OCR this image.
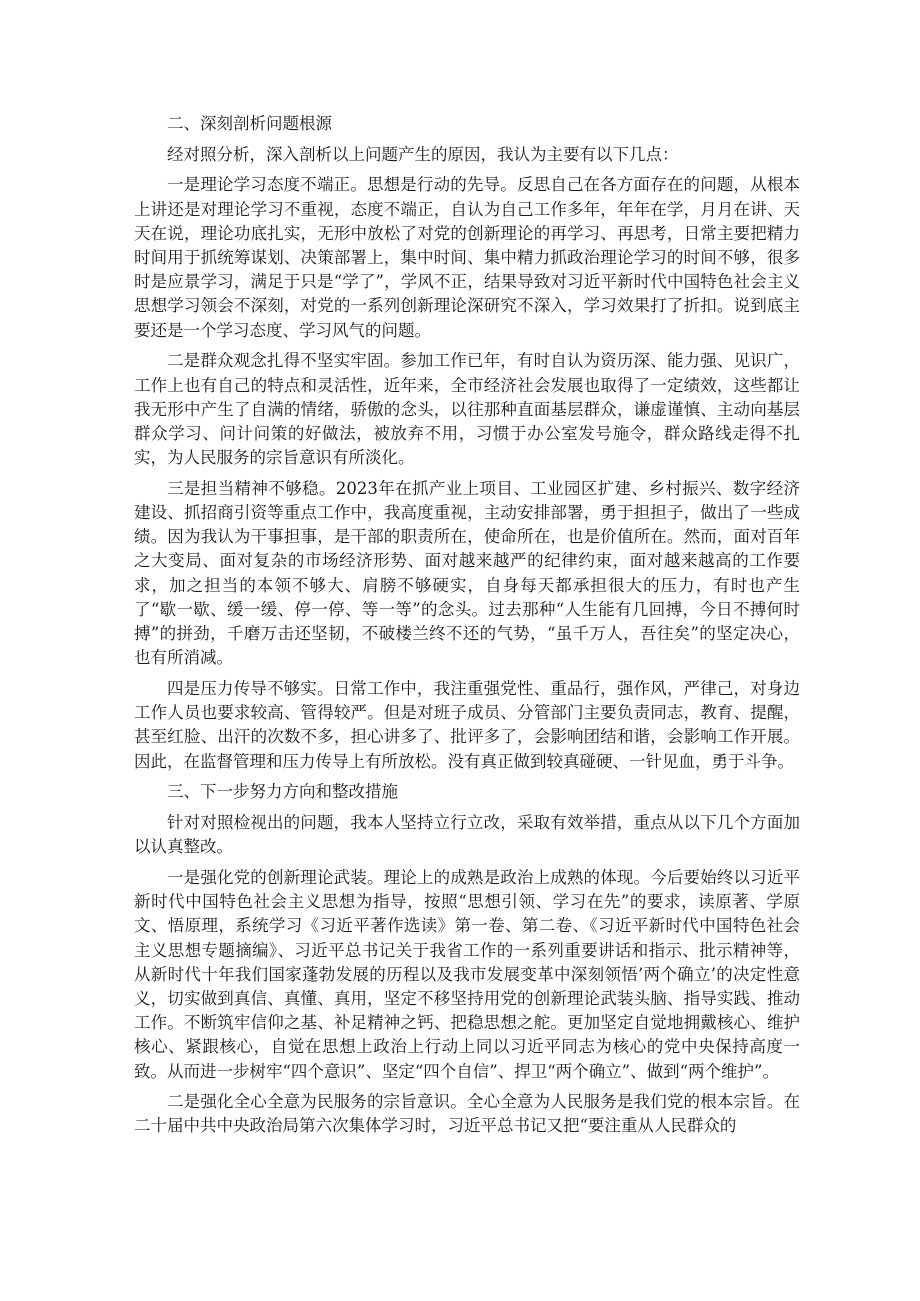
二、深刻剖析问题根源

经对照分析，深入剖析以上问题产生的原因，我认为主要有以下几点：

一是理论学习态度不端正。思想是行动的先导。反思自己在各方面存在的问题，从根本上讲还是对理论学习不重视，态度不端正，自认为自己工作多年，年年在学，月月在讲、天天在说，理论功底扎实，无形中放松了对党的创新理论的再学习、再思考，日常主要把精力时间用于抓统筹谋划、决策部署上，集中时间、集中精力抓政治理论学习的时间不够，很多时是应景学习，满足于只是“学了”，学风不正，结果导致对习近平新时代中国特色社会主义思想学习领会不深刻，对党的一系列创新理论深研究不深入，学习效果打了折扣。说到底主要还是一个学习态度、学习风气的问题。

二是群众观念扎得不坚实牢固。参加工作已年，有时自认为资历深、能力强、见识广，工作上也有自己的特点和灵活性，近年来，全市经济社会发展也取得了一定绩效，这些都让我无形中产生了自满的情绪，骄傲的念头，以往那种直面基层群众，谦虚谨慎、主动向基层群众学习、问计问策的好做法，被放弃不用，习惯于办公室发号施令，群众路线走得不扎实，为人民服务的宗旨意识有所淡化。

三是担当精神不够稳。2023年在抓产业上项目、工业园区扩建、乡村振兴、数字经济建设、抓招商引资等重点工作中，我高度重视，主动安排部署，勇于担担子，做出了一些成绩。因为我认为干事担事，是干部的职责所在，使命所在，也是价值所在。然而，面对百年之大变局、面对复杂的市场经济形势、面对越来越严的纪律约束，面对越来越高的工作要求，加之担当的本领不够大、肩膀不够硬实，自身每天都承担很大的压力，有时也产生了“歇一歇、缓一缓、停一停、等一等”的念头。过去那种“人生能有几回搏，今日不搏何时搏”的拼劲，千磨万击还坚韧，不破楼兰终不还的气势，“虽千万人，吾往矣”的坚定决心，也有所消减。

四是压力传导不够实。日常工作中，我注重强党性、重品行，强作风，严律己，对身边工作人员也要求较高、管得较严。但是对班子成员、分管部门主要负责同志，教育、提醒，甚至红脸、出汗的次数不多，担心讲多了、批评多了，会影响团结和谐，会影响工作开展。因此，在监督管理和压力传导上有所放松。没有真正做到较真碰硬、一针见血，勇于斗争。

三、下一步努力方向和整改措施

针对对照检视出的问题，我本人坚持立行立改，采取有效举措，重点从以下几个方面加以认真整改。

一是强化党的创新理论武装。理论上的成熟是政治上成熟的体现。今后要始终以习近平新时代中国特色社会主义思想为指导，按照“思想引领、学习在先”的要求，读原著、学原文、悟原理，系统学习《习近平著作选读》第一卷、第二卷、《习近平新时代中国特色社会主义思想专题摘编》、习近平总书记关于我省工作的一系列重要讲话和指示、批示精神等，从新时代十年我们国家蓬勃发展的历程以及我市发展变革中深刻领悟’两个确立’的决定性意义，切实做到真信、真懂、真用，坚定不移坚持用党的创新理论武装头脑、指导实践、推动工作。不断筑牢信仰之基、补足精神之钙、把稳思想之舵。更加坚定自觉地拥戴核心、维护核心、紧跟核心，自觉在思想上政治上行动上同以习近平同志为核心的党中央保持高度一致。从而进一步树牢“四个意识”、坚定“四个自信”、捍卫“两个确立”、做到“两个维护”。

二是强化全心全意为民服务的宗旨意识。全心全意为人民服务是我们党的根本宗旨。在二十届中共中央政治局第六次集体学习时，习近平总书记又把“要注重从人民群众的
